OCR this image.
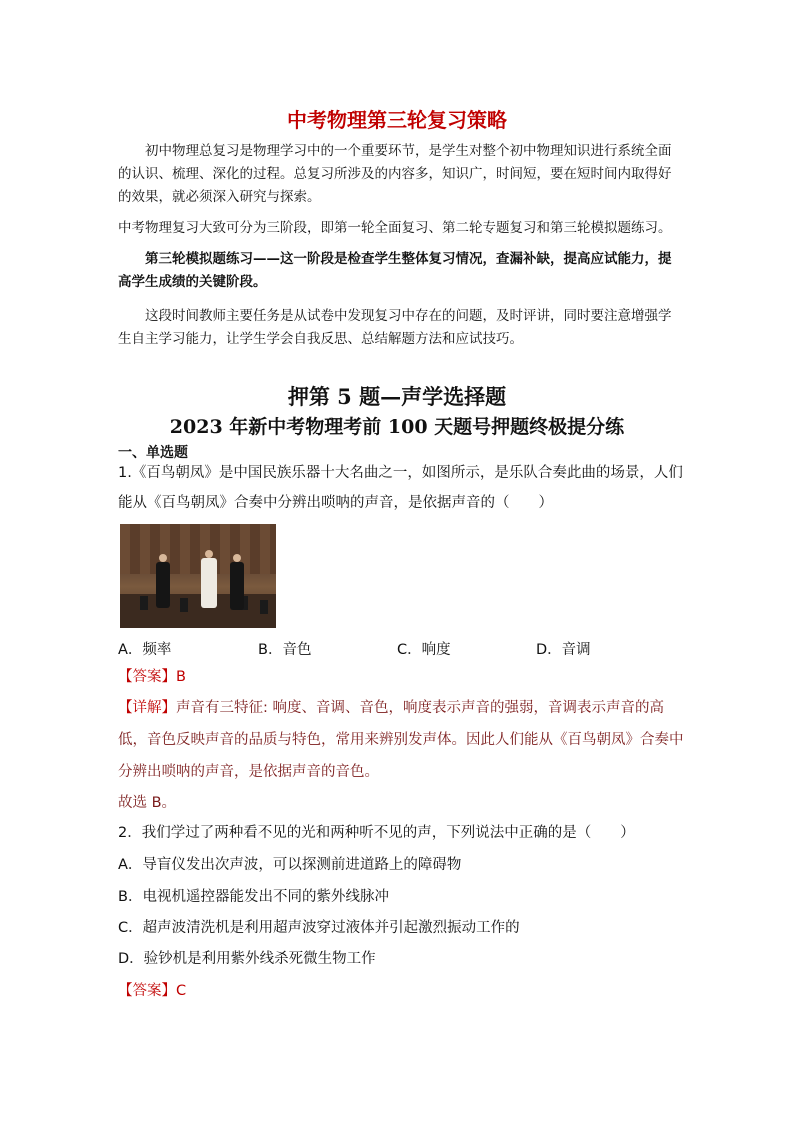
中考物理第三轮复习策略
初中物理总复习是物理学习中的一个重要环节，是学生对整个初中物理知识进行系统全面的认识、梳理、深化的过程。总复习所涉及的内容多，知识广，时间短，要在短时间内取得好的效果，就必须深入研究与探索。
中考物理复习大致可分为三阶段，即第一轮全面复习、第二轮专题复习和第三轮模拟题练习。
第三轮模拟题练习——这一阶段是检查学生整体复习情况，查漏补缺，提高应试能力，提高学生成绩的关键阶段。
这段时间教师主要任务是从试卷中发现复习中存在的问题，及时评讲，同时要注意增强学生自主学习能力，让学生学会自我反思、总结解题方法和应试技巧。
押第 5 题—声学选择题
2023 年新中考物理考前 100 天题号押题终极提分练
一、单选题
1.《百鸟朝凤》是中国民族乐器十大名曲之一，如图所示，是乐队合奏此曲的场景，人们能从《百鸟朝凤》合奏中分辨出唢呐的声音，是依据声音的（　　）
A．频率	B．音色	C．响度	D．音调
【答案】B
【详解】声音有三特征: 响度、音调、音色，响度表示声音的强弱，音调表示声音的高低，音色反映声音的品质与特色，常用来辨别发声体。因此人们能从《百鸟朝凤》合奏中分辨出唢呐的声音，是依据声音的音色。
故选 B。
2．我们学过了两种看不见的光和两种听不见的声，下列说法中正确的是（　　）
A．导盲仪发出次声波，可以探测前进道路上的障碍物
B．电视机遥控器能发出不同的紫外线脉冲
C．超声波清洗机是利用超声波穿过液体并引起激烈振动工作的
D．验钞机是利用紫外线杀死微生物工作
【答案】C
